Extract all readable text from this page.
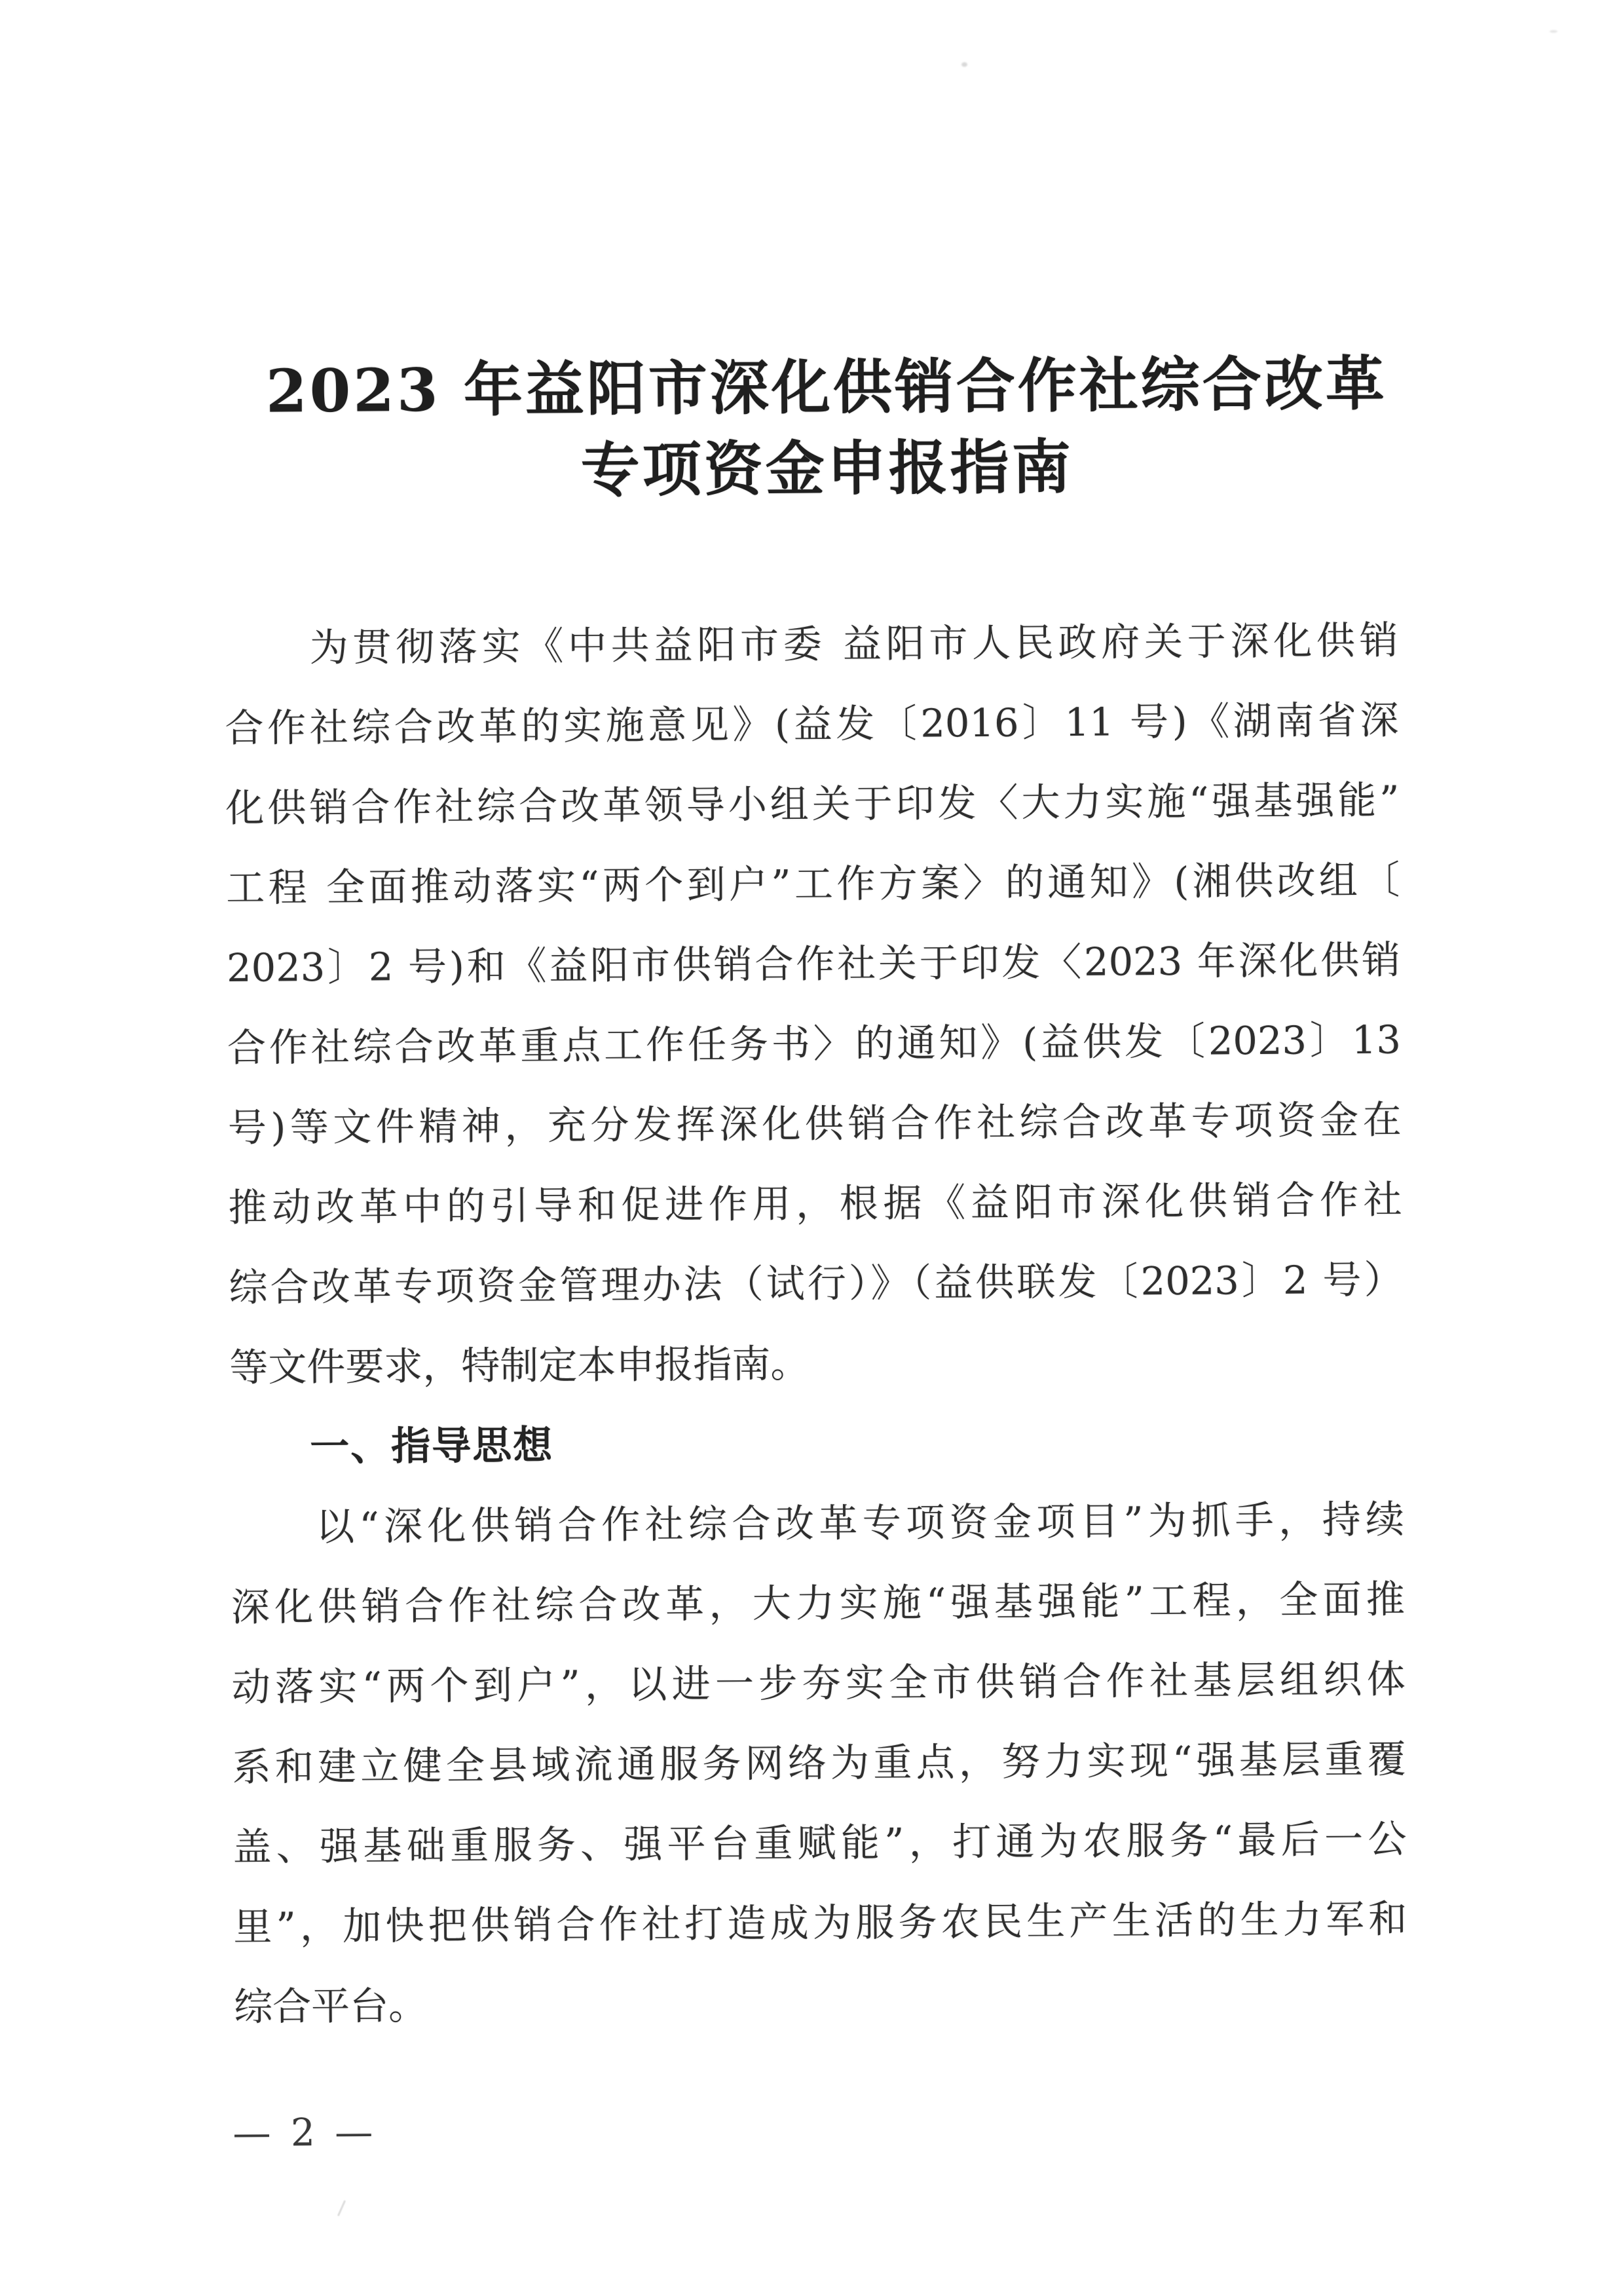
2023 年益阳市深化供销合作社综合改革
专项资金申报指南
为贯彻落实《中共益阳市委 益阳市人民政府关于深化供销
合作社综合改革的实施意见》(益发〔2016〕11 号)《湖南省深
化供销合作社综合改革领导小组关于印发〈大力实施“强基强能”
工程 全面推动落实“两个到户”工作方案〉的通知》(湘供改组〔
2023〕2 号)和《益阳市供销合作社关于印发〈2023 年深化供销
合作社综合改革重点工作任务书〉的通知》(益供发〔2023〕13
号)等文件精神，充分发挥深化供销合作社综合改革专项资金在
推动改革中的引导和促进作用，根据《益阳市深化供销合作社
综合改革专项资金管理办法（试行）》（益供联发〔2023〕2 号）
等文件要求，特制定本申报指南。
一、指导思想
以“深化供销合作社综合改革专项资金项目”为抓手，持续
深化供销合作社综合改革，大力实施“强基强能”工程，全面推
动落实“两个到户”，以进一步夯实全市供销合作社基层组织体
系和建立健全县域流通服务网络为重点，努力实现“强基层重覆
盖、强基础重服务、强平台重赋能”，打通为农服务“最后一公
里”，加快把供销合作社打造成为服务农民生产生活的生力军和
综合平台。
— 2 —
